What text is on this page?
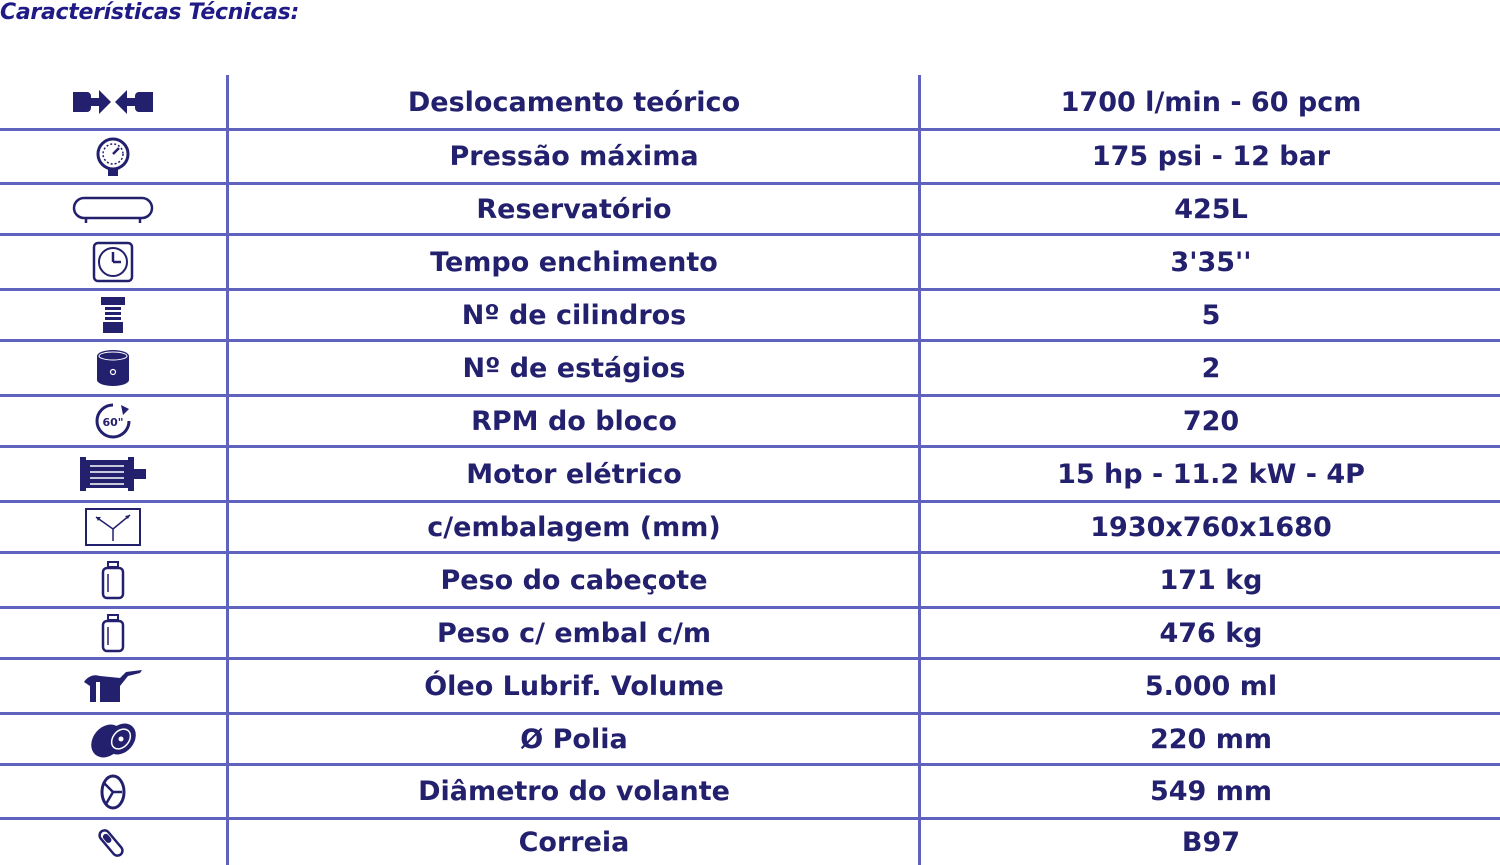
Características Técnicas:
Deslocamento teórico	1700 l/min - 60 pcm
Pressão máxima	175 psi - 12 bar
Reservatório	425L
Tempo enchimento	3'35''
Nº de cilindros	5
Nº de estágios	2
60"	RPM do bloco	720
Motor elétrico	15 hp - 11.2 kW - 4P
c/embalagem (mm)	1930x760x1680
Peso do cabeçote	171 kg
Peso c/ embal c/m	476 kg
Óleo Lubrif. Volume	5.000 ml
Ø Polia	220 mm
Diâmetro do volante	549 mm
Correia	B97
